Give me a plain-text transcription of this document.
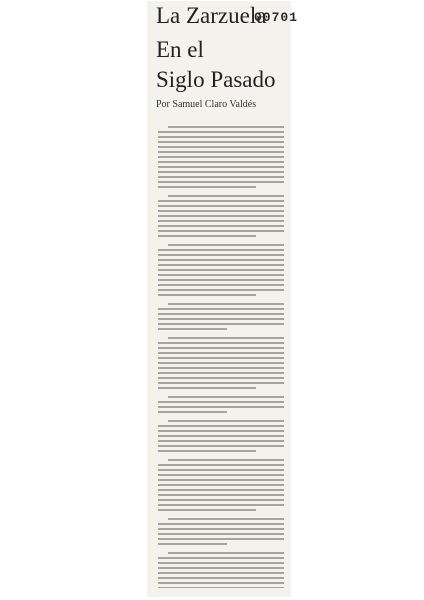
00701
La Zarzuela
En el
Siglo Pasado

Por Samuel Claro Valdés
